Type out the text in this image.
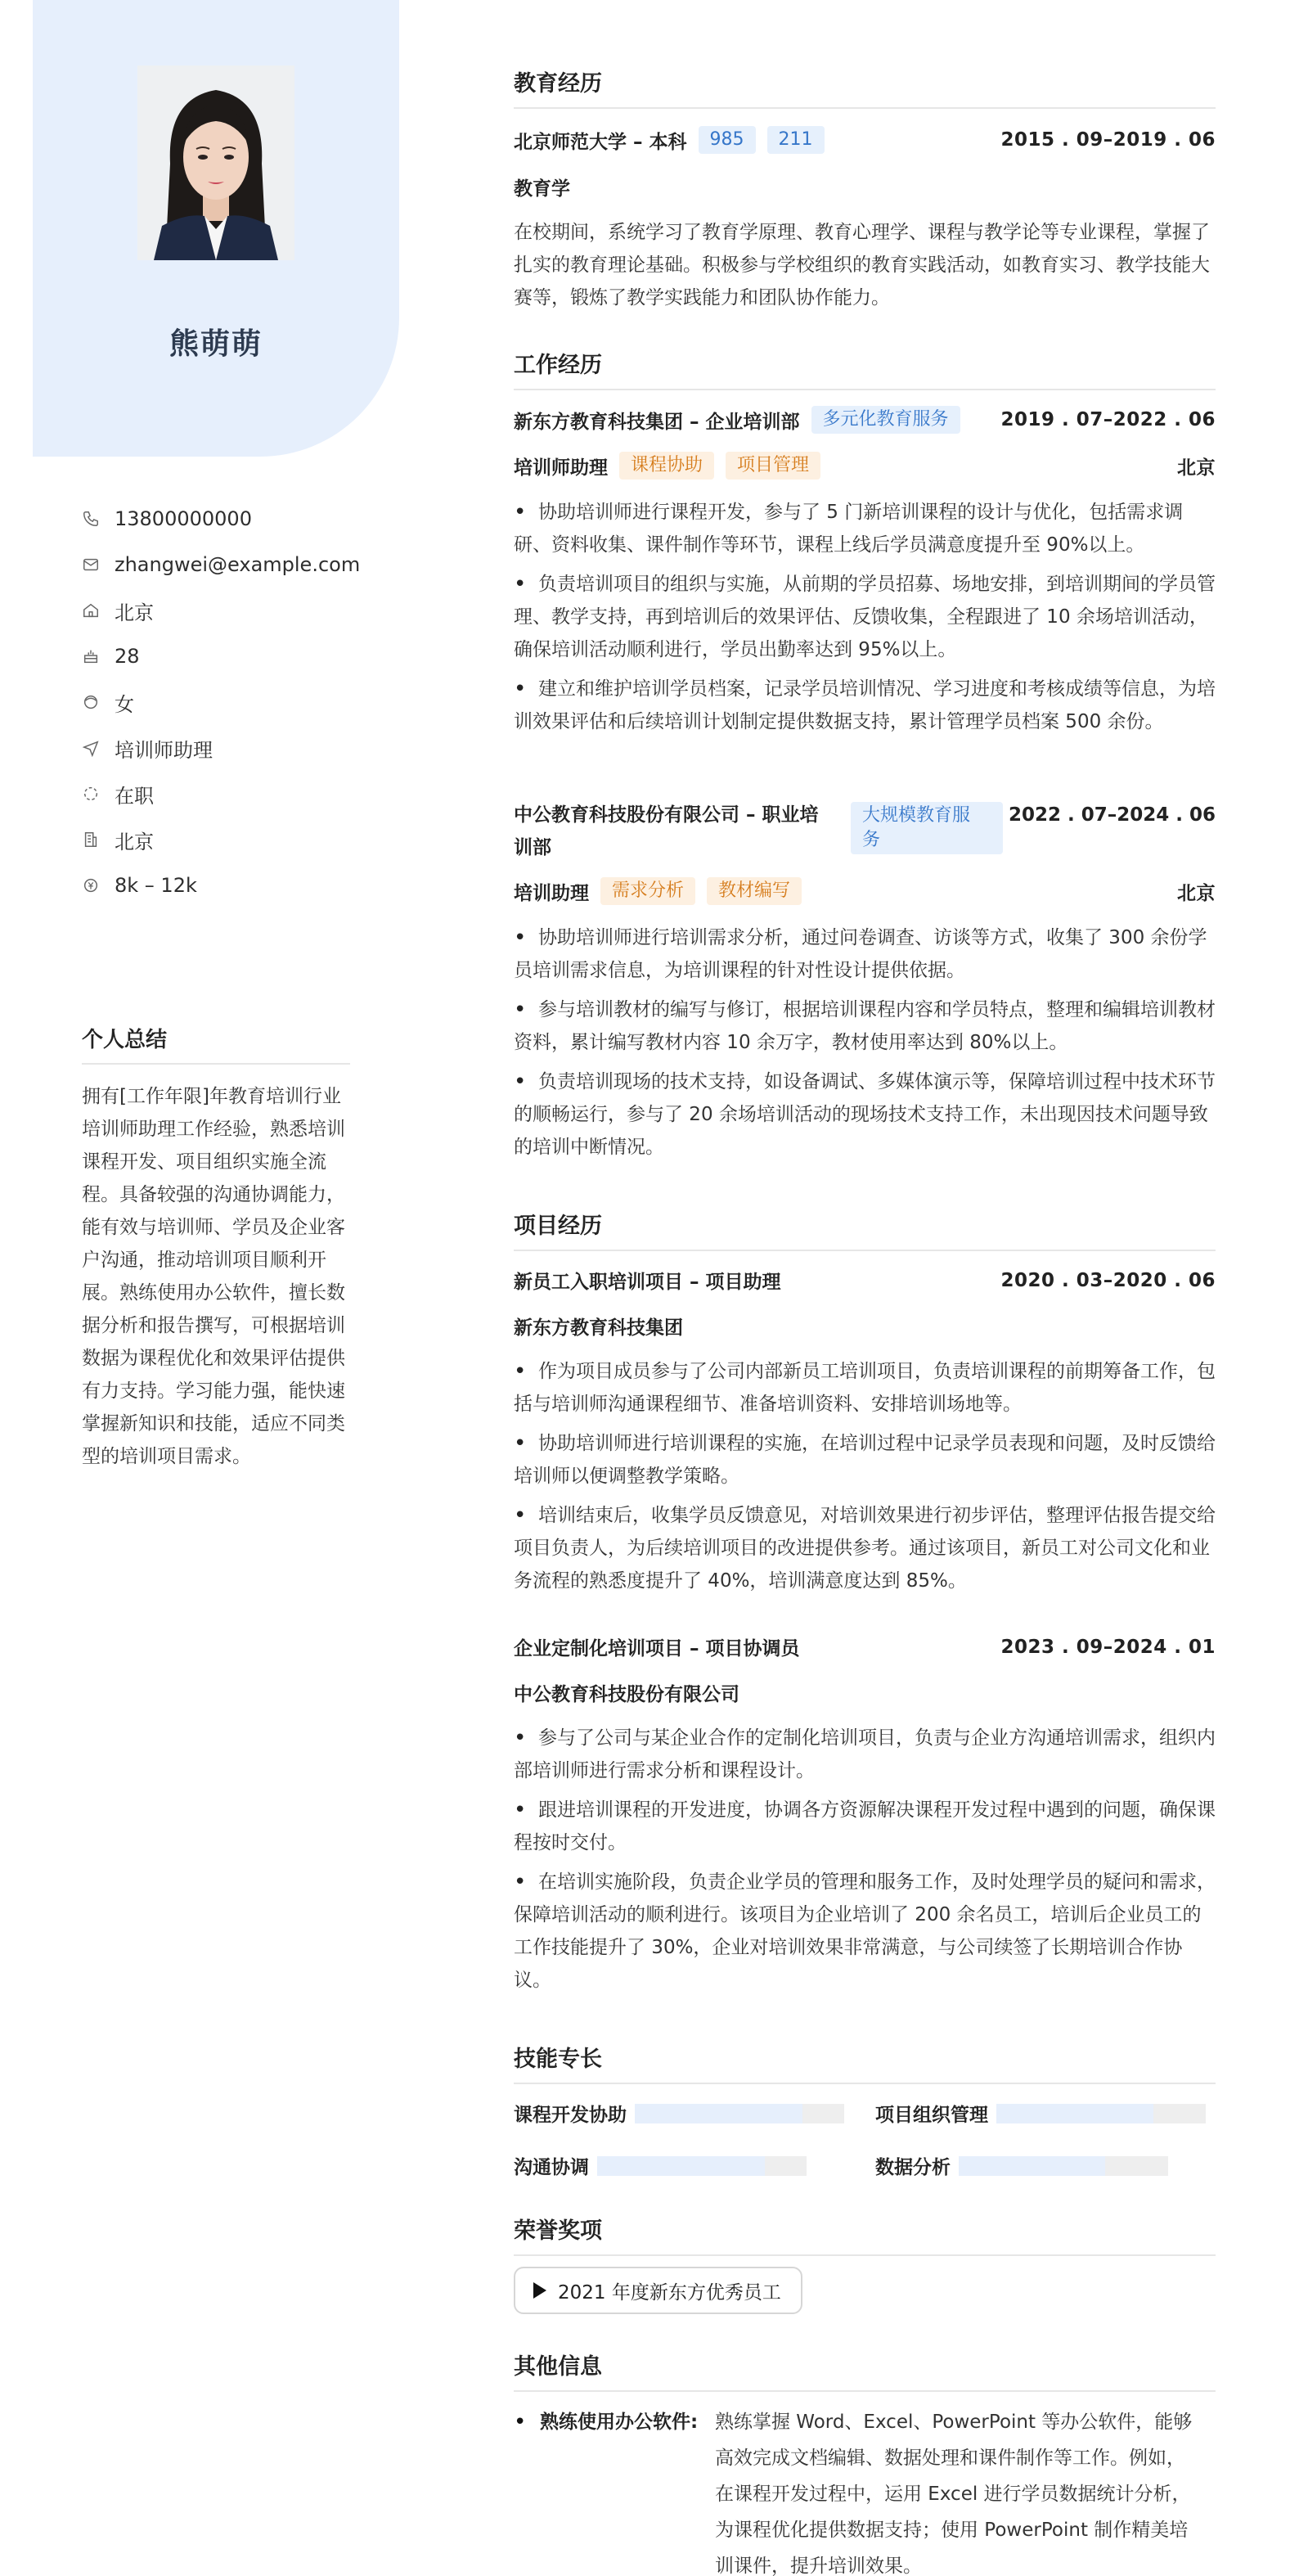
熊萌萌
13800000000
zhangwei@example.com
北京
28
女
培训师助理
在职
北京
8k – 12k
个人总结
拥有[工作年限]年教育培训行业培训师助理工作经验，熟悉培训课程开发、项目组织实施全流程。具备较强的沟通协调能力，能有效与培训师、学员及企业客户沟通，推动培训项目顺利开展。熟练使用办公软件，擅长数据分析和报告撰写，可根据培训数据为课程优化和效果评估提供有力支持。学习能力强，能快速掌握新知识和技能，适应不同类型的培训项目需求。
教育经历
北京师范大学 – 本科	985	211	2015 . 09–2019 . 06
教育学
在校期间，系统学习了教育学原理、教育心理学、课程与教学论等专业课程，掌握了扎实的教育理论基础。积极参与学校组织的教育实践活动，如教育实习、教学技能大赛等，锻炼了教学实践能力和团队协作能力。
工作经历
新东方教育科技集团 – 企业培训部	多元化教育服务	2019 . 07–2022 . 06
培训师助理	课程协助	项目管理	北京
• 协助培训师进行课程开发，参与了 5 门新培训课程的设计与优化，包括需求调研、资料收集、课件制作等环节，课程上线后学员满意度提升至 90%以上。
• 负责培训项目的组织与实施，从前期的学员招募、场地安排，到培训期间的学员管理、教学支持，再到培训后的效果评估、反馈收集，全程跟进了 10 余场培训活动，确保培训活动顺利进行，学员出勤率达到 95%以上。
• 建立和维护培训学员档案，记录学员培训情况、学习进度和考核成绩等信息，为培训效果评估和后续培训计划制定提供数据支持，累计管理学员档案 500 余份。
中公教育科技股份有限公司 – 职业培
训部
大规模教育服
务
2022 . 07–2024 . 06
培训助理	需求分析	教材编写	北京
• 协助培训师进行培训需求分析，通过问卷调查、访谈等方式，收集了 300 余份学员培训需求信息，为培训课程的针对性设计提供依据。
• 参与培训教材的编写与修订，根据培训课程内容和学员特点，整理和编辑培训教材资料，累计编写教材内容 10 余万字，教材使用率达到 80%以上。
• 负责培训现场的技术支持，如设备调试、多媒体演示等，保障培训过程中技术环节的顺畅运行，参与了 20 余场培训活动的现场技术支持工作，未出现因技术问题导致的培训中断情况。
项目经历
新员工入职培训项目 – 项目助理	2020 . 03–2020 . 06
新东方教育科技集团
• 作为项目成员参与了公司内部新员工培训项目，负责培训课程的前期筹备工作，包括与培训师沟通课程细节、准备培训资料、安排培训场地等。
• 协助培训师进行培训课程的实施，在培训过程中记录学员表现和问题，及时反馈给培训师以便调整教学策略。
• 培训结束后，收集学员反馈意见，对培训效果进行初步评估，整理评估报告提交给项目负责人，为后续培训项目的改进提供参考。通过该项目，新员工对公司文化和业务流程的熟悉度提升了 40%，培训满意度达到 85%。
企业定制化培训项目 – 项目协调员	2023 . 09–2024 . 01
中公教育科技股份有限公司
• 参与了公司与某企业合作的定制化培训项目，负责与企业方沟通培训需求，组织内部培训师进行需求分析和课程设计。
• 跟进培训课程的开发进度，协调各方资源解决课程开发过程中遇到的问题，确保课程按时交付。
• 在培训实施阶段，负责企业学员的管理和服务工作，及时处理学员的疑问和需求，保障培训活动的顺利进行。该项目为企业培训了 200 余名员工，培训后企业员工的工作技能提升了 30%，企业对培训效果非常满意，与公司续签了长期培训合作协议。
技能专长
课程开发协助	项目组织管理
沟通协调	数据分析
荣誉奖项
2021 年度新东方优秀员工
其他信息
• 熟练使用办公软件: 熟练掌握 Word、Excel、PowerPoint 等办公软件，能够
高效完成文档编辑、数据处理和课件制作等工作。例如，
在课程开发过程中，运用 Excel 进行学员数据统计分析，
为课程优化提供数据支持；使用 PowerPoint 制作精美培
训课件，提升培训效果。
